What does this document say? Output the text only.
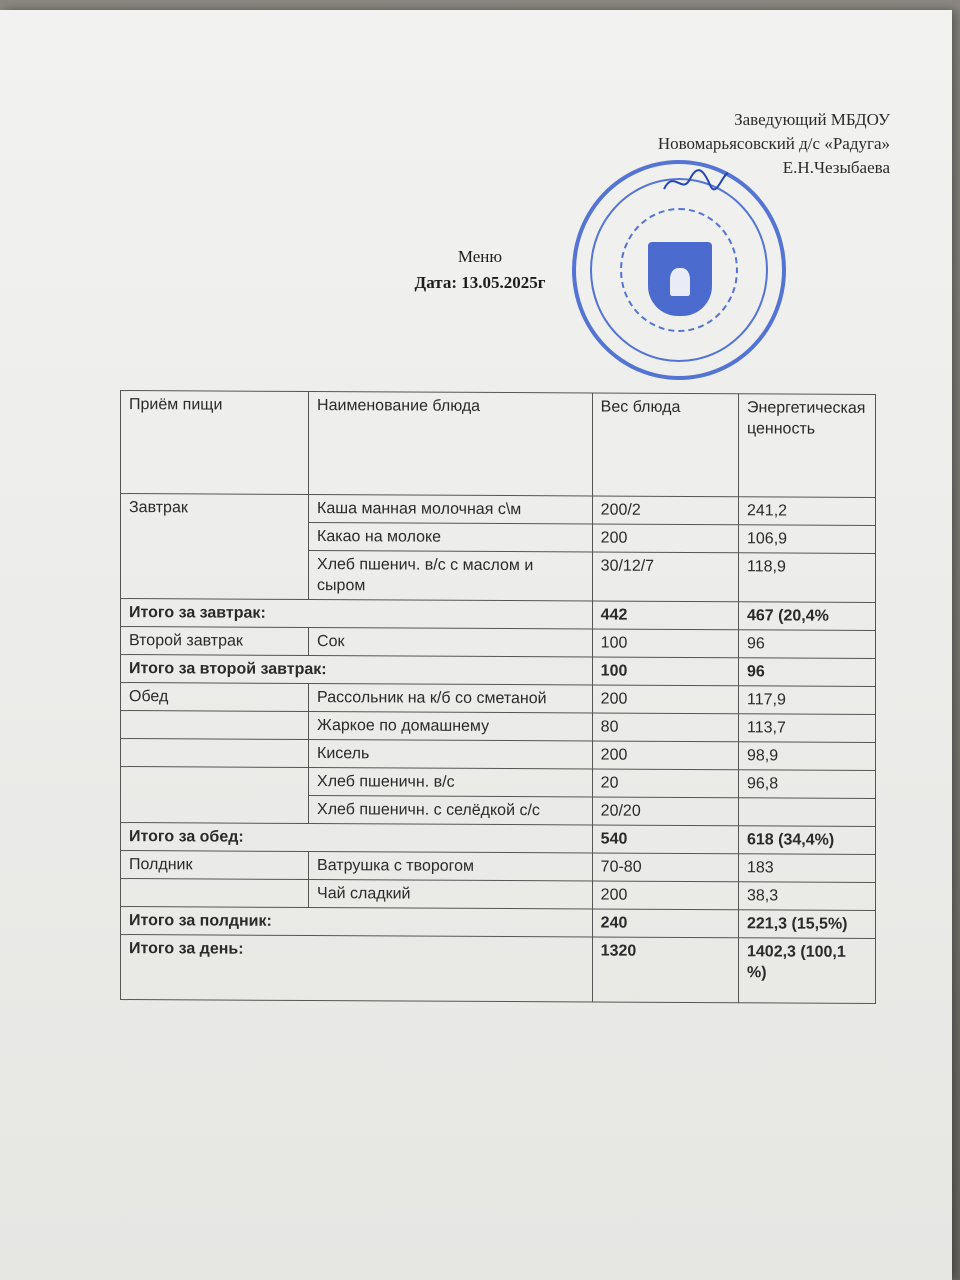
Заведующий МБДОУ
Новомарьясовский д/с «Радуга»
Е.Н.Чезыбаева
Меню
Дата: 13.05.2025г
Приём пищи	Наименование блюда	Вес блюда	Энергетическая ценность
Завтрак	Каша манная молочная с\м	200/2	241,2
	Какао на молоке	200	106,9
	Хлеб пшенич. в/с с маслом и сыром	30/12/7	118,9
Итого за завтрак:		442	467 (20,4%
Второй завтрак	Сок	100	96
Итого за второй завтрак:		100	96
Обед	Рассольник на к/б со сметаной	200	117,9
	Жаркое по домашнему	80	113,7
	Кисель	200	98,9
	Хлеб пшеничн. в/с	20	96,8
	Хлеб пшеничн. с селёдкой с/с	20/20	
Итого за обед:		540	618 (34,4%)
Полдник	Ватрушка с творогом	70-80	183
	Чай сладкий	200	38,3
Итого за полдник:		240	221,3 (15,5%)
Итого за день:		1320	1402,3 (100,1 %)
